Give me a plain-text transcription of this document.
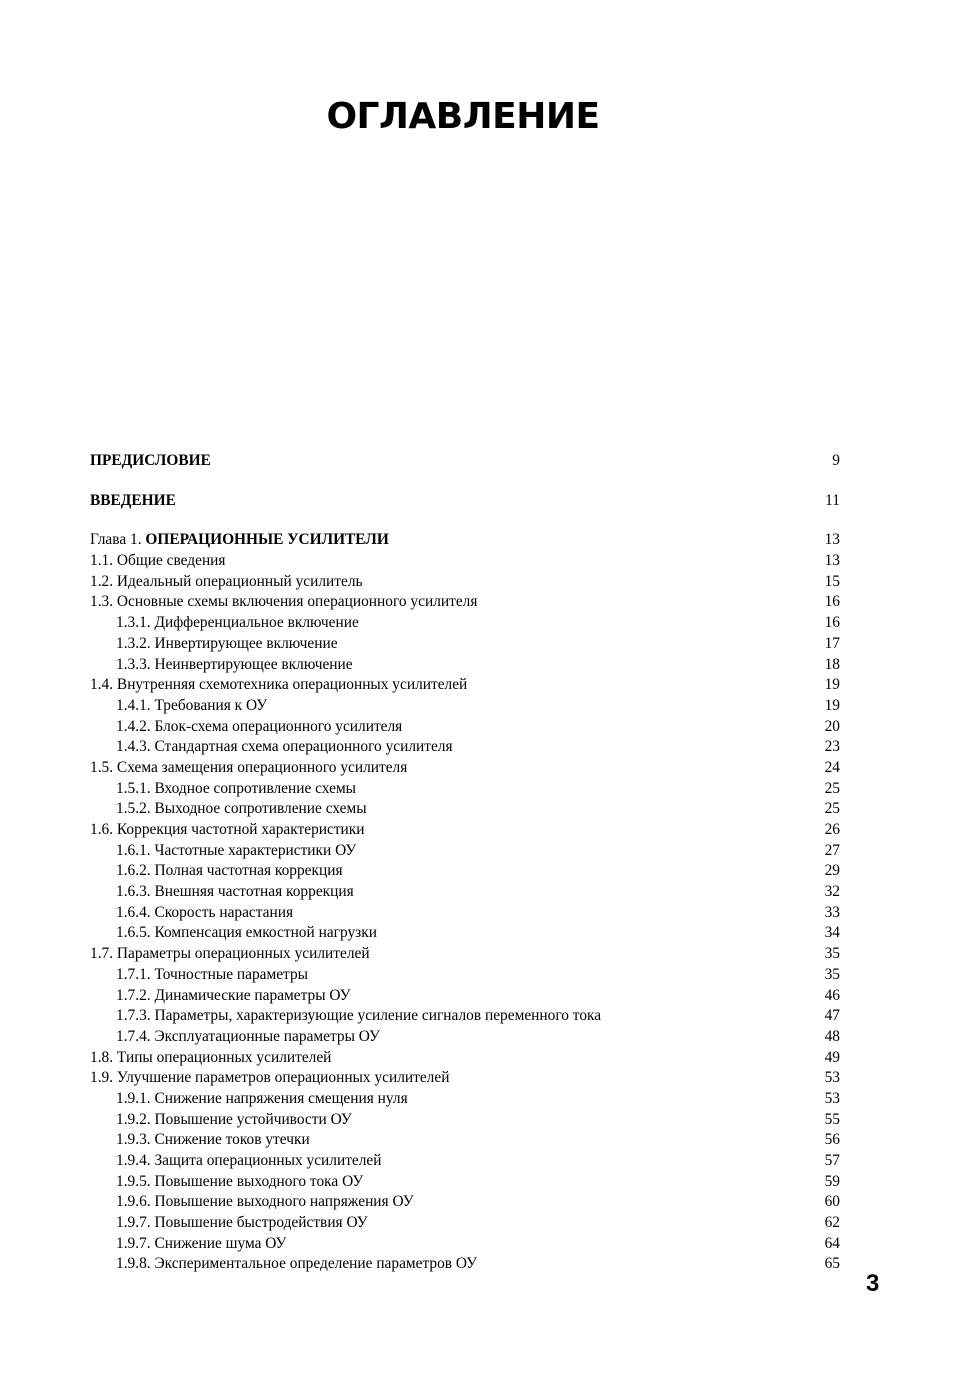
ОГЛАВЛЕНИЕ
ПРЕДИСЛОВИЕ	9
ВВЕДЕНИЕ	11
Глава 1. ОПЕРАЦИОННЫЕ УСИЛИТЕЛИ	13
1.1. Общие сведения	13
1.2. Идеальный операционный усилитель	15
1.3. Основные схемы включения операционного усилителя	16
1.3.1. Дифференциальное включение	16
1.3.2. Инвертирующее включение	17
1.3.3. Неинвертирующее включение	18
1.4. Внутренняя схемотехника операционных усилителей	19
1.4.1. Требования к ОУ	19
1.4.2. Блок-схема операционного усилителя	20
1.4.3. Стандартная схема операционного усилителя	23
1.5. Схема замещения операционного усилителя	24
1.5.1. Входное сопротивление схемы	25
1.5.2. Выходное сопротивление схемы	25
1.6. Коррекция частотной характеристики	26
1.6.1. Частотные характеристики ОУ	27
1.6.2. Полная частотная коррекция	29
1.6.3. Внешняя частотная коррекция	32
1.6.4. Скорость нарастания	33
1.6.5. Компенсация емкостной нагрузки	34
1.7. Параметры операционных усилителей	35
1.7.1. Точностные параметры	35
1.7.2. Динамические параметры ОУ	46
1.7.3. Параметры, характеризующие усиление сигналов переменного тока	47
1.7.4. Эксплуатационные параметры ОУ	48
1.8. Типы операционных усилителей	49
1.9. Улучшение параметров операционных усилителей	53
1.9.1. Снижение напряжения смещения нуля	53
1.9.2. Повышение устойчивости ОУ	55
1.9.3. Снижение токов утечки	56
1.9.4. Защита операционных усилителей	57
1.9.5. Повышение выходного тока ОУ	59
1.9.6. Повышение выходного напряжения ОУ	60
1.9.7. Повышение быстродействия ОУ	62
1.9.7. Снижение шума ОУ	64
1.9.8. Экспериментальное определение параметров ОУ	65
3
